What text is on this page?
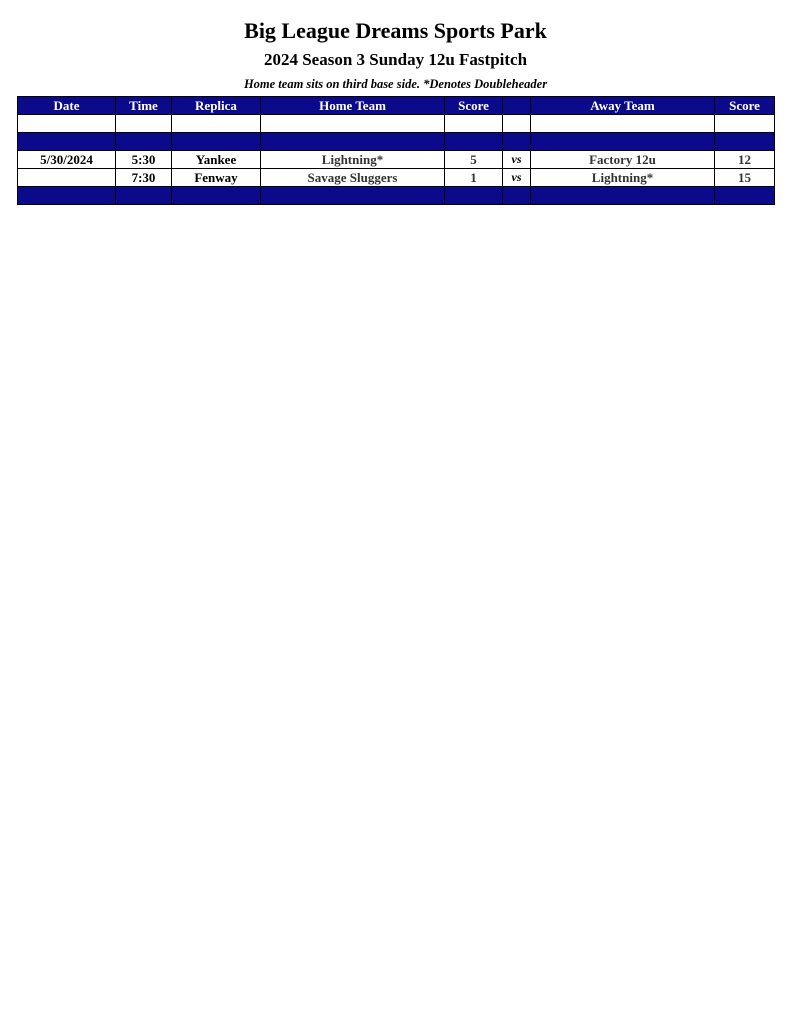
Big League Dreams Sports Park
2024 Season 3 Sunday 12u Fastpitch
Home team sits on third base side. *Denotes Doubleheader
Date	Time	Replica	Home Team	Score		Away Team	Score

5/30/2024	5:30	Yankee	Lightning*	5	vs	Factory 12u	12
	7:30	Fenway	Savage Sluggers	1	vs	Lightning*	15
